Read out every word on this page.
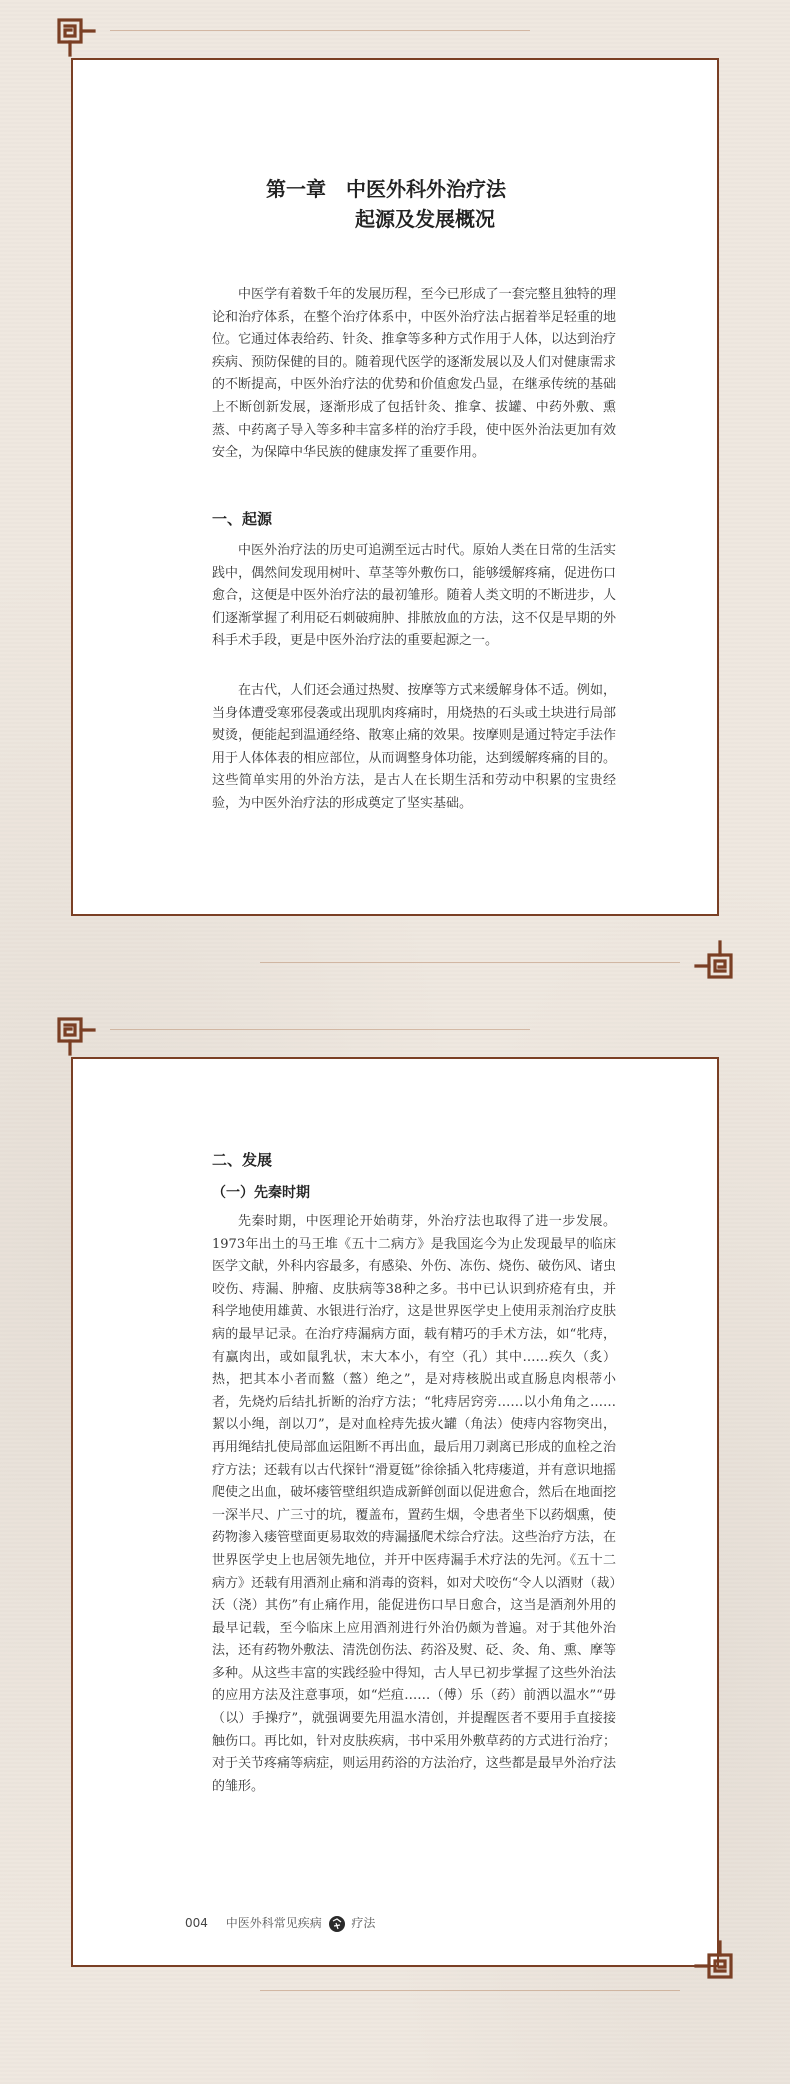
第一章　中医外科外治疗法
起源及发展概况

中医学有着数千年的发展历程，至今已形成了一套完整且独特的理论和治疗体系，在整个治疗体系中，中医外治疗法占据着举足轻重的地位。它通过体表给药、针灸、推拿等多种方式作用于人体，以达到治疗疾病、预防保健的目的。随着现代医学的逐渐发展以及人们对健康需求的不断提高，中医外治疗法的优势和价值愈发凸显，在继承传统的基础上不断创新发展，逐渐形成了包括针灸、推拿、拔罐、中药外敷、熏蒸、中药离子导入等多种丰富多样的治疗手段，使中医外治法更加有效安全，为保障中华民族的健康发挥了重要作用。

一、起源

中医外治疗法的历史可追溯至远古时代。原始人类在日常的生活实践中，偶然间发现用树叶、草茎等外敷伤口，能够缓解疼痛，促进伤口愈合，这便是中医外治疗法的最初雏形。随着人类文明的不断进步，人们逐渐掌握了利用砭石刺破痈肿、排脓放血的方法，这不仅是早期的外科手术手段，更是中医外治疗法的重要起源之一。

在古代，人们还会通过热熨、按摩等方式来缓解身体不适。例如，当身体遭受寒邪侵袭或出现肌肉疼痛时，用烧热的石头或土块进行局部熨烫，便能起到温通经络、散寒止痛的效果。按摩则是通过特定手法作用于人体体表的相应部位，从而调整身体功能，达到缓解疼痛的目的。这些简单实用的外治方法，是古人在长期生活和劳动中积累的宝贵经验，为中医外治疗法的形成奠定了坚实基础。

二、发展
（一）先秦时期

先秦时期，中医理论开始萌芽，外治疗法也取得了进一步发展。1973年出土的马王堆《五十二病方》是我国迄今为止发现最早的临床医学文献，外科内容最多，有感染、外伤、冻伤、烧伤、破伤风、诸虫咬伤、痔漏、肿瘤、皮肤病等38种之多。书中已认识到疥疮有虫，并科学地使用雄黄、水银进行治疗，这是世界医学史上使用汞剂治疗皮肤病的最早记录。在治疗痔漏病方面，载有精巧的手术方法，如“牝痔，有赢肉出，或如鼠乳状，末大本小，有空（孔）其中……疾久（炙）热，把其本小者而盭（盩）绝之”，是对痔核脱出或直肠息肉根蒂小者，先烧灼后结扎折断的治疗方法；“牝痔居窍旁……以小角角之……絜以小绳，剖以刀”，是对血栓痔先拔火罐（角法）使痔内容物突出，再用绳结扎使局部血运阻断不再出血，最后用刀剥离已形成的血栓之治疗方法；还载有以古代探针“滑夏铤”徐徐插入牝痔瘘道，并有意识地摇爬使之出血，破坏瘘管壁组织造成新鲜创面以促进愈合，然后在地面挖一深半尺、广三寸的坑，覆盖布，置药生烟，令患者坐下以药烟熏，使药物渗入瘘管壁面更易取效的痔漏搔爬术综合疗法。这些治疗方法，在世界医学史上也居领先地位，并开中医痔漏手术疗法的先河。《五十二病方》还载有用酒剂止痛和消毒的资料，如对犬咬伤“令人以酒财（裁）沃（浇）其伤”有止痛作用，能促进伤口早日愈合，这当是酒剂外用的最早记载，至今临床上应用酒剂进行外治仍颇为普遍。对于其他外治法，还有药物外敷法、清洗创伤法、药浴及熨、砭、灸、角、熏、摩等多种。从这些丰富的实践经验中得知，古人早已初步掌握了这些外治法的应用方法及注意事项，如“烂疽……（傅）乐（药）前洒以温水”“毋（以）手操疗”，就强调要先用温水清创，并提醒医者不要用手直接接触伤口。再比如，针对皮肤疾病，书中采用外敷草药的方式进行治疗；对于关节疼痛等病症，则运用药浴的方法治疗，这些都是最早外治疗法的雏形。

004 中医外科常见疾病 疗法
